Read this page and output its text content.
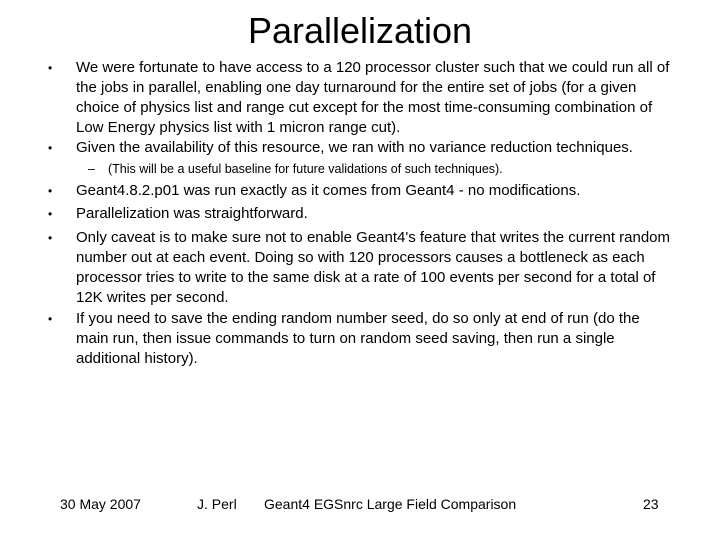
Parallelization
•	We were fortunate to have access to a 120 processor cluster such that we could run all of the jobs in parallel, enabling one day turnaround for the entire set of jobs (for a given choice of physics list and range cut except for the most time-consuming combination of Low Energy physics list with 1 micron range cut).
•	Given the availability of this resource, we ran with no variance reduction techniques.
– (This will be a useful baseline for future validations of such techniques).
•	Geant4.8.2.p01 was run exactly as it comes from Geant4 - no modifications.
•	Parallelization was straightforward.
•	Only caveat is to make sure not to enable Geant4's feature that writes the current random number out at each event. Doing so with 120 processors causes a bottleneck as each processor tries to write to the same disk at a rate of 100 events per second for a total of 12K writes per second.
•	If you need to save the ending random number seed, do so only at end of run (do the main run, then issue commands to turn on random seed saving, then run a single additional history).
30 May 2007	J. Perl Geant4 EGSnrc Large Field Comparison	23
